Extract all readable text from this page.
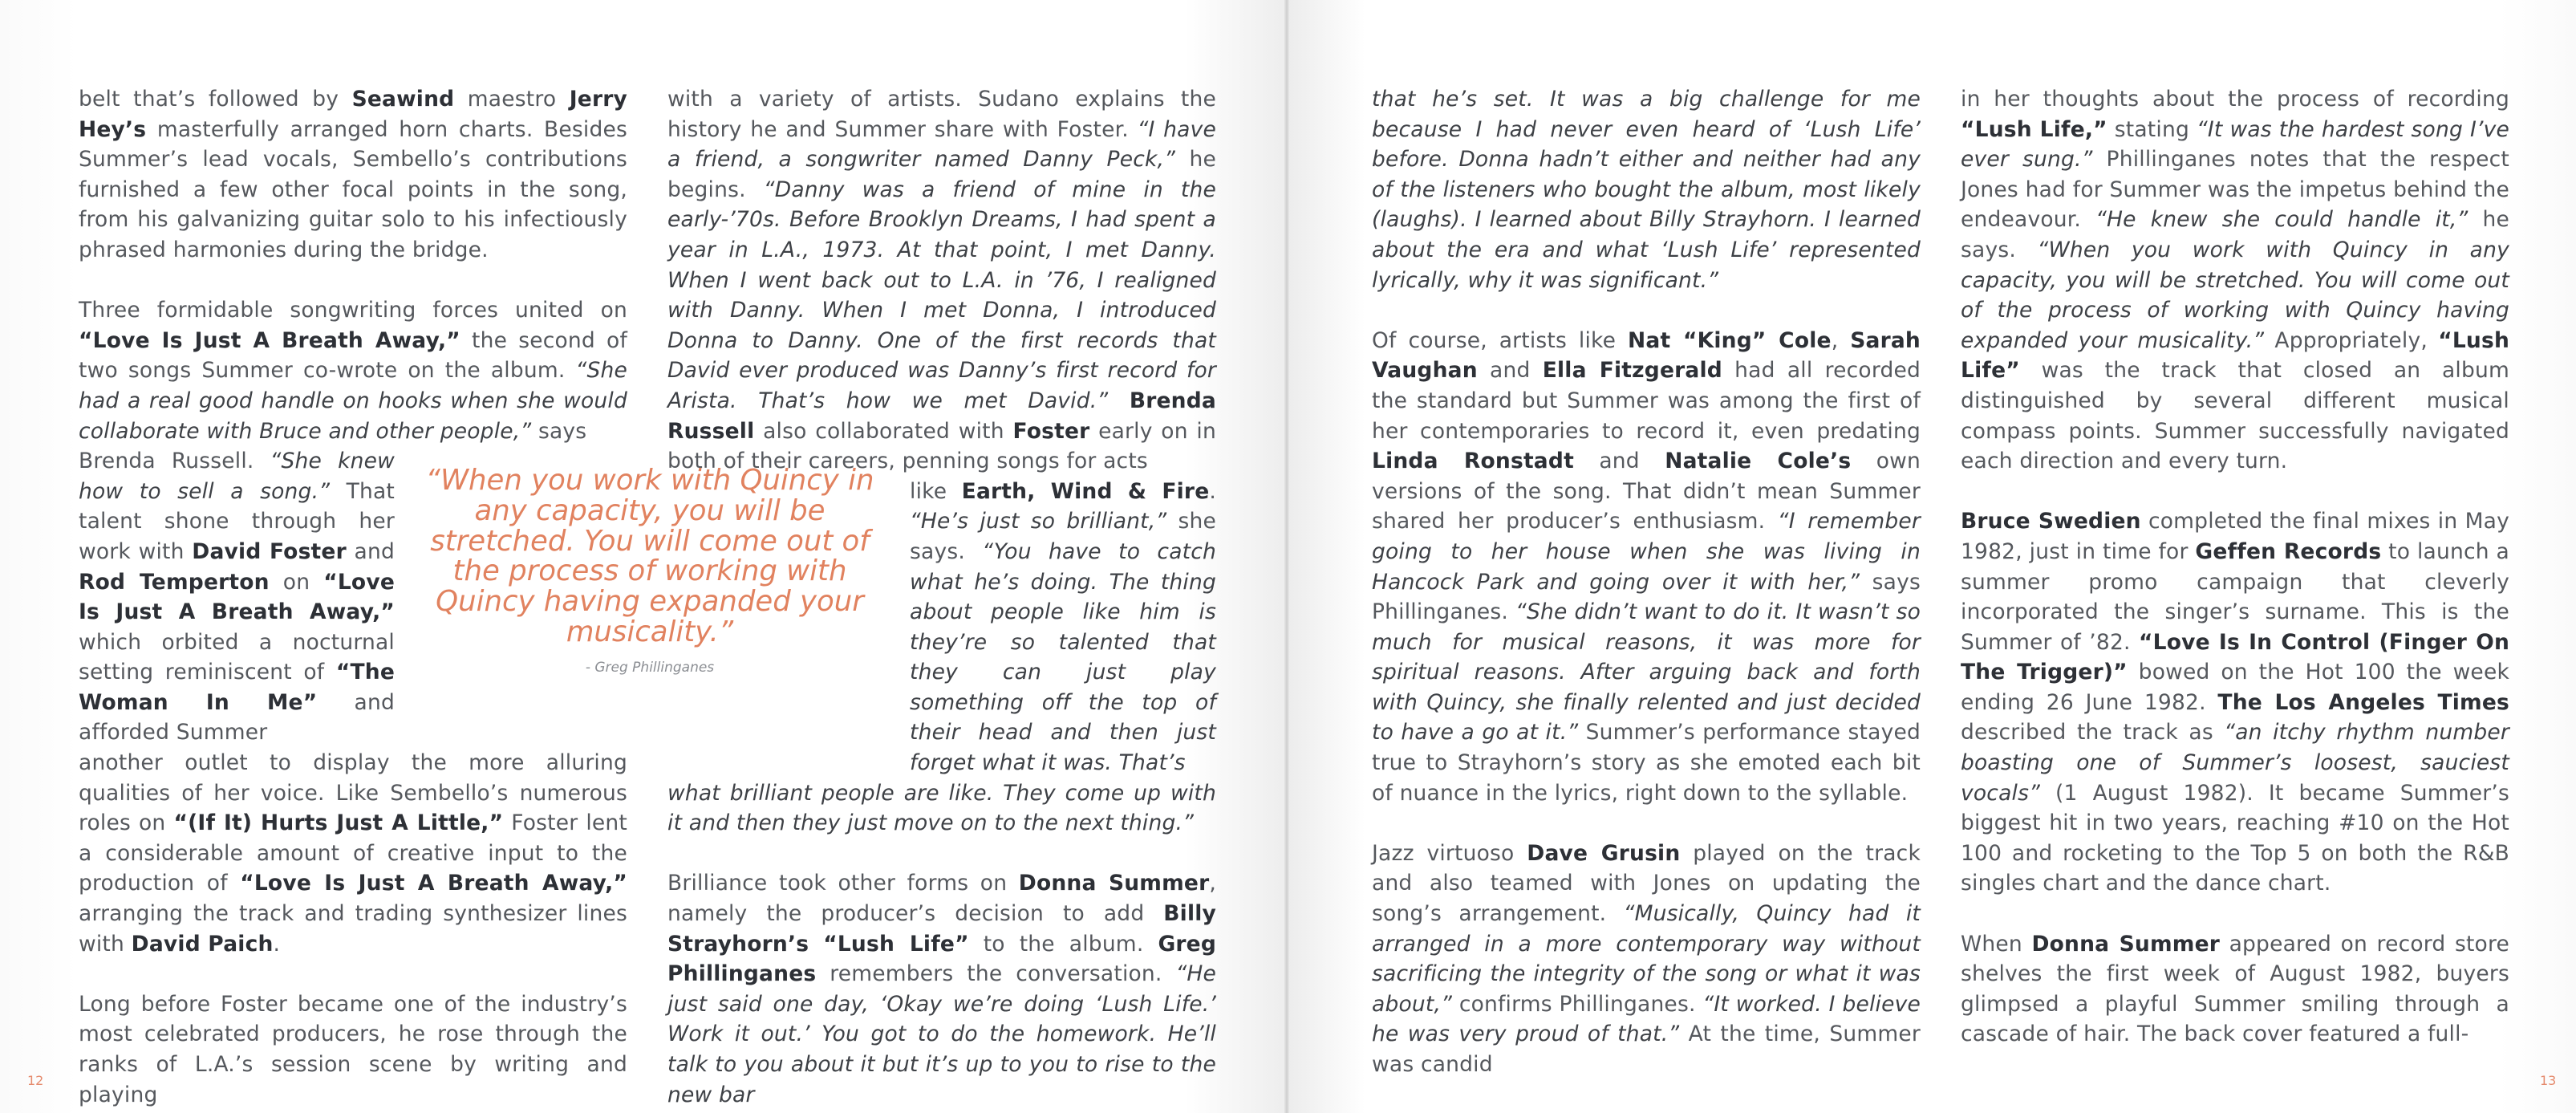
belt that’s followed by Seawind maestro Jerry Hey’s masterfully arranged horn charts. Besides Summer’s lead vocals, Sembello’s contributions furnished a few other focal points in the song, from his galvanizing guitar solo to his infectiously phrased harmonies during the bridge.

Three formidable songwriting forces united on “Love Is Just A Breath Away,” the second of two songs Summer co-wrote on the album. “She had a real good handle on hooks when she would collaborate with Bruce and other people,” says

Brenda Russell. “She knew how to sell a song.” That talent shone through her work with David Foster and Rod Temperton on “Love Is Just A Breath Away,” which orbited a nocturnal setting reminiscent of “The Woman In Me” and afforded Summer

another outlet to display the more alluring qualities of her voice. Like Sembello’s numerous roles on “(If It) Hurts Just A Little,” Foster lent a considerable amount of creative input to the production of “Love Is Just A Breath Away,” arranging the track and trading synthesizer lines with David Paich.

Long before Foster became one of the industry’s most celebrated producers, he rose through the ranks of L.A.’s session scene by writing and playing

with a variety of artists. Sudano explains the history he and Summer share with Foster. “I have a friend, a songwriter named Danny Peck,” he begins. “Danny was a friend of mine in the early-’70s. Before Brooklyn Dreams, I had spent a year in L.A., 1973. At that point, I met Danny. When I went back out to L.A. in ’76, I realigned with Danny. When I met Donna, I introduced Donna to Danny. One of the first records that David ever produced was Danny’s first record for Arista. That’s how we met David.” Brenda Russell also collaborated with Foster early on in both of their careers, penning songs for acts

like Earth, Wind & Fire. “He’s just so brilliant,” she says. “You have to catch what he’s doing. The thing about people like him is they’re so talented that they can just play something off the top of their head and then just forget what it was. That’s

what brilliant people are like. They come up with it and then they just move on to the next thing.”

Brilliance took other forms on Donna Summer, namely the producer’s decision to add Billy Strayhorn’s “Lush Life” to the album. Greg Phillinganes remembers the conversation. “He just said one day, ‘Okay we’re doing ‘Lush Life.’ Work it out.’ You got to do the homework. He’ll talk to you about it but it’s up to you to rise to the new bar

“When you work with Quincy in any capacity, you will be stretched. You will come out of the process of working with Quincy having expanded your musicality.”
- Greg Phillinganes

that he’s set. It was a big challenge for me because I had never even heard of ‘Lush Life’ before. Donna hadn’t either and neither had any of the listeners who bought the album, most likely (laughs). I learned about Billy Strayhorn. I learned about the era and what ‘Lush Life’ represented lyrically, why it was significant.”

Of course, artists like Nat “King” Cole, Sarah Vaughan and Ella Fitzgerald had all recorded the standard but Summer was among the first of her contemporaries to record it, even predating Linda Ronstadt and Natalie Cole’s own versions of the song. That didn’t mean Summer shared her producer’s enthusiasm. “I remember going to her house when she was living in Hancock Park and going over it with her,” says Phillinganes. “She didn’t want to do it. It wasn’t so much for musical reasons, it was more for spiritual reasons. After arguing back and forth with Quincy, she finally relented and just decided to have a go at it.” Summer’s performance stayed true to Strayhorn’s story as she emoted each bit of nuance in the lyrics, right down to the syllable.

Jazz virtuoso Dave Grusin played on the track and also teamed with Jones on updating the song’s arrangement. “Musically, Quincy had it arranged in a more contemporary way without sacrificing the integrity of the song or what it was about,” confirms Phillinganes. “It worked. I believe he was very proud of that.” At the time, Summer was candid

in her thoughts about the process of recording “Lush Life,” stating “It was the hardest song I’ve ever sung.” Phillinganes notes that the respect Jones had for Summer was the impetus behind the endeavour. “He knew she could handle it,” he says. “When you work with Quincy in any capacity, you will be stretched. You will come out of the process of working with Quincy having expanded your musicality.” Appropriately, “Lush Life” was the track that closed an album distinguished by several different musical compass points. Summer successfully navigated each direction and every turn.

Bruce Swedien completed the final mixes in May 1982, just in time for Geffen Records to launch a summer promo campaign that cleverly incorporated the singer’s surname. This is the Summer of ’82. “Love Is In Control (Finger On The Trigger)” bowed on the Hot 100 the week ending 26 June 1982. The Los Angeles Times described the track as “an itchy rhythm number boasting one of Summer’s loosest, sauciest vocals” (1 August 1982). It became Summer’s biggest hit in two years, reaching #10 on the Hot 100 and rocketing to the Top 5 on both the R&B singles chart and the dance chart.

When Donna Summer appeared on record store shelves the first week of August 1982, buyers glimpsed a playful Summer smiling through a cascade of hair. The back cover featured a full-

12	13
